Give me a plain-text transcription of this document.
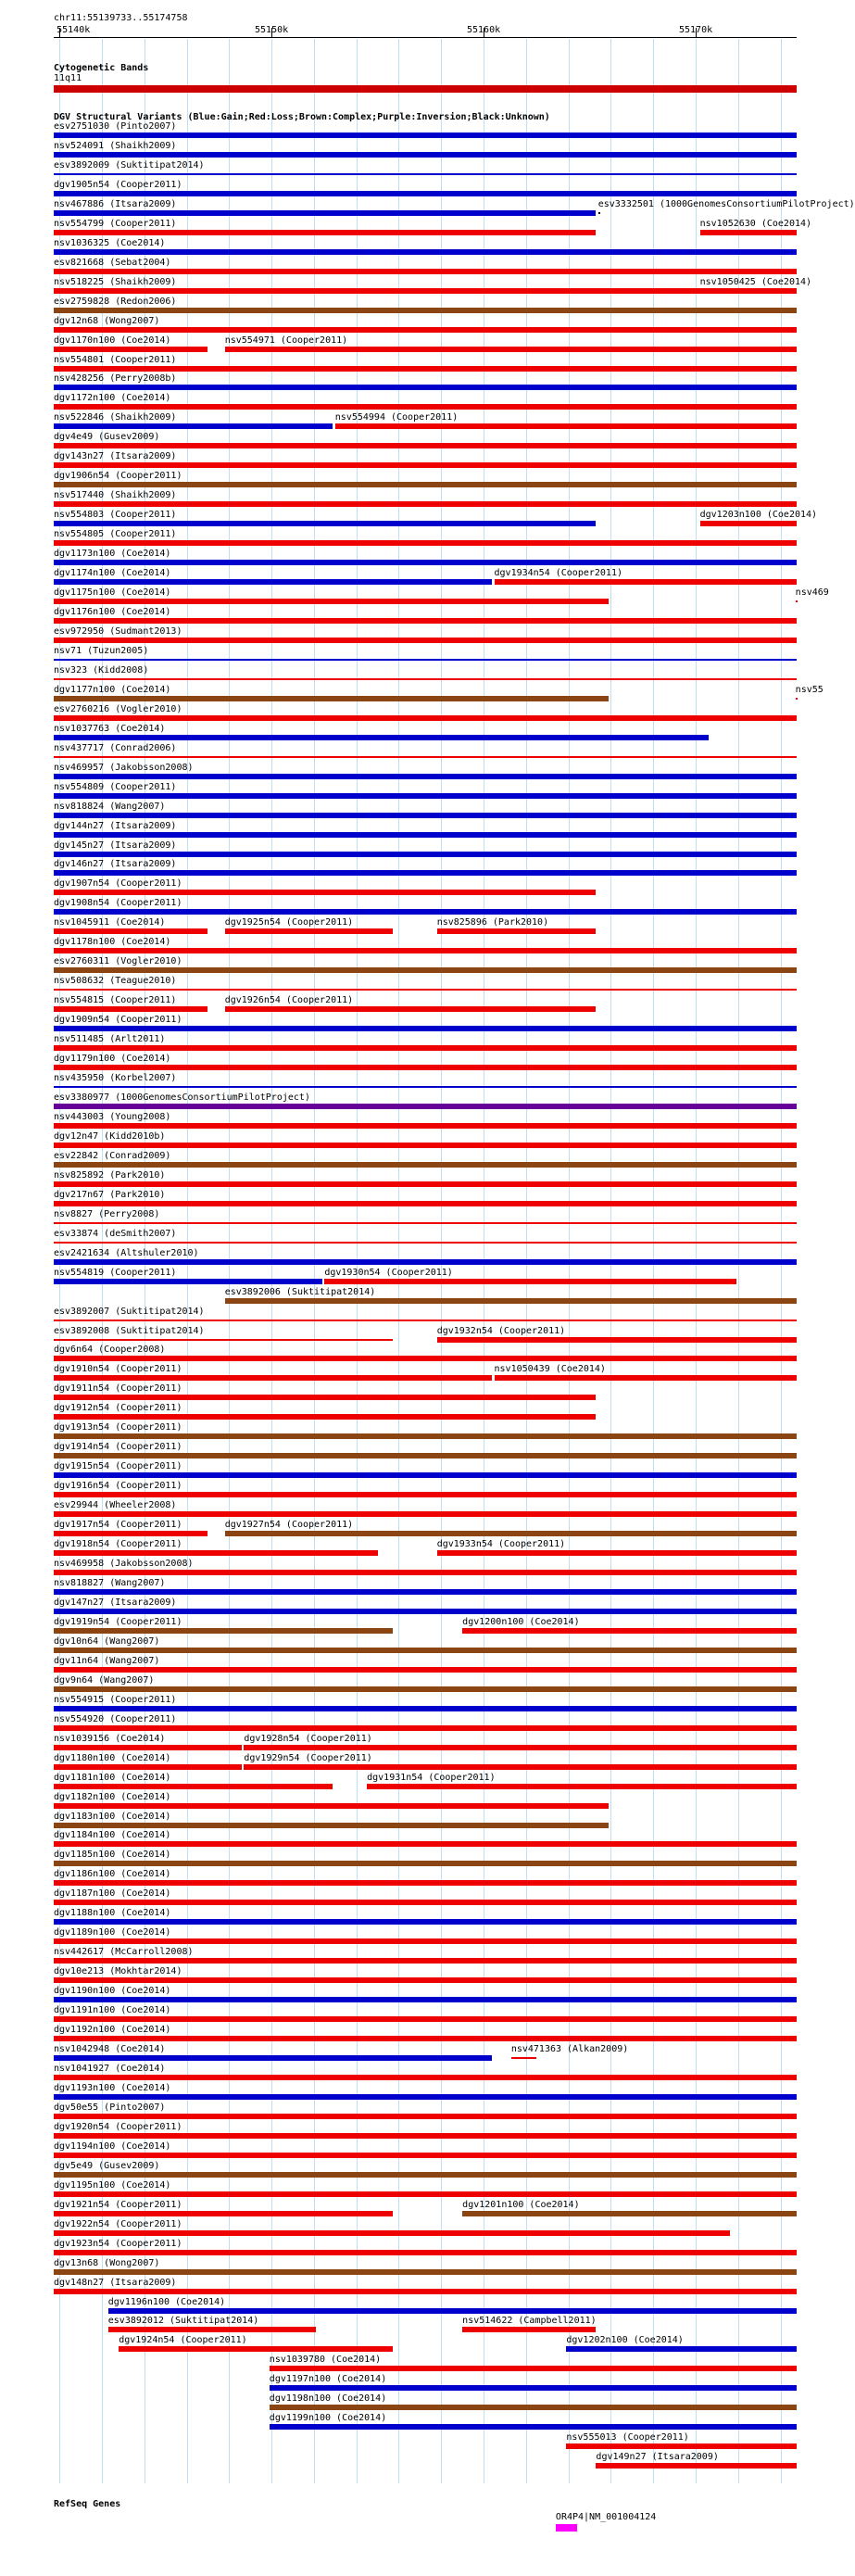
chr11:55139733..55174758
55140k	55150k	55160k	55170k
Cytogenetic Bands
11q11
DGV Structural Variants (Blue:Gain;Red:Loss;Brown:Complex;Purple:Inversion;Black:Unknown)
esv2751030 (Pinto2007)
nsv524091 (Shaikh2009)
esv3892009 (Suktitipat2014)
dgv1905n54 (Cooper2011)
nsv467886 (Itsara2009)	esv3332501 (1000GenomesConsortiumPilotProject)
nsv554799 (Cooper2011)	nsv1052630 (Coe2014)
nsv1036325 (Coe2014)
esv821668 (Sebat2004)
nsv518225 (Shaikh2009)	nsv1050425 (Coe2014)
esv2759828 (Redon2006)
dgv12n68 (Wong2007)
dgv1170n100 (Coe2014)	nsv554971 (Cooper2011)
nsv554801 (Cooper2011)
nsv428256 (Perry2008b)
dgv1172n100 (Coe2014)
nsv522846 (Shaikh2009)	nsv554994 (Cooper2011)
dgv4e49 (Gusev2009)
dgv143n27 (Itsara2009)
dgv1906n54 (Cooper2011)
nsv517440 (Shaikh2009)
nsv554803 (Cooper2011)	dgv1203n100 (Coe2014)
nsv554805 (Cooper2011)
dgv1173n100 (Coe2014)
dgv1174n100 (Coe2014)	dgv1934n54 (Cooper2011)
dgv1175n100 (Coe2014)	nsv469
dgv1176n100 (Coe2014)
esv972950 (Sudmant2013)
nsv71 (Tuzun2005)
nsv323 (Kidd2008)
dgv1177n100 (Coe2014)	nsv55
esv2760216 (Vogler2010)
nsv1037763 (Coe2014)
nsv437717 (Conrad2006)
nsv469957 (Jakobsson2008)
nsv554809 (Cooper2011)
nsv818824 (Wang2007)
dgv144n27 (Itsara2009)
dgv145n27 (Itsara2009)
dgv146n27 (Itsara2009)
dgv1907n54 (Cooper2011)
dgv1908n54 (Cooper2011)
nsv1045911 (Coe2014)	dgv1925n54 (Cooper2011)	nsv825896 (Park2010)
dgv1178n100 (Coe2014)
esv2760311 (Vogler2010)
nsv508632 (Teague2010)
nsv554815 (Cooper2011)	dgv1926n54 (Cooper2011)
dgv1909n54 (Cooper2011)
nsv511485 (Arlt2011)
dgv1179n100 (Coe2014)
nsv435950 (Korbel2007)
esv3380977 (1000GenomesConsortiumPilotProject)
nsv443003 (Young2008)
dgv12n47 (Kidd2010b)
esv22842 (Conrad2009)
nsv825892 (Park2010)
dgv217n67 (Park2010)
nsv8827 (Perry2008)
esv33874 (deSmith2007)
esv2421634 (Altshuler2010)
nsv554819 (Cooper2011)	dgv1930n54 (Cooper2011)
esv3892006 (Suktitipat2014)
esv3892007 (Suktitipat2014)
esv3892008 (Suktitipat2014)	dgv1932n54 (Cooper2011)
dgv6n64 (Cooper2008)
dgv1910n54 (Cooper2011)	nsv1050439 (Coe2014)
dgv1911n54 (Cooper2011)
dgv1912n54 (Cooper2011)
dgv1913n54 (Cooper2011)
dgv1914n54 (Cooper2011)
dgv1915n54 (Cooper2011)
dgv1916n54 (Cooper2011)
esv29944 (Wheeler2008)
dgv1917n54 (Cooper2011)	dgv1927n54 (Cooper2011)
dgv1918n54 (Cooper2011)	dgv1933n54 (Cooper2011)
nsv469958 (Jakobsson2008)
nsv818827 (Wang2007)
dgv147n27 (Itsara2009)
dgv1919n54 (Cooper2011)	dgv1200n100 (Coe2014)
dgv10n64 (Wang2007)
dgv11n64 (Wang2007)
dgv9n64 (Wang2007)
nsv554915 (Cooper2011)
nsv554920 (Cooper2011)
nsv1039156 (Coe2014)	dgv1928n54 (Cooper2011)
dgv1180n100 (Coe2014)	dgv1929n54 (Cooper2011)
dgv1181n100 (Coe2014)	dgv1931n54 (Cooper2011)
dgv1182n100 (Coe2014)
dgv1183n100 (Coe2014)
dgv1184n100 (Coe2014)
dgv1185n100 (Coe2014)
dgv1186n100 (Coe2014)
dgv1187n100 (Coe2014)
dgv1188n100 (Coe2014)
dgv1189n100 (Coe2014)
nsv442617 (McCarroll2008)
dgv10e213 (Mokhtar2014)
dgv1190n100 (Coe2014)
dgv1191n100 (Coe2014)
dgv1192n100 (Coe2014)
nsv1042948 (Coe2014)	nsv471363 (Alkan2009)
nsv1041927 (Coe2014)
dgv1193n100 (Coe2014)
dgv50e55 (Pinto2007)
dgv1920n54 (Cooper2011)
dgv1194n100 (Coe2014)
dgv5e49 (Gusev2009)
dgv1195n100 (Coe2014)
dgv1921n54 (Cooper2011)	dgv1201n100 (Coe2014)
dgv1922n54 (Cooper2011)
dgv1923n54 (Cooper2011)
dgv13n68 (Wong2007)
dgv148n27 (Itsara2009)
dgv1196n100 (Coe2014)
esv3892012 (Suktitipat2014)	nsv514622 (Campbell2011)
dgv1924n54 (Cooper2011)	dgv1202n100 (Coe2014)
nsv1039780 (Coe2014)
dgv1197n100 (Coe2014)
dgv1198n100 (Coe2014)
dgv1199n100 (Coe2014)
nsv555013 (Cooper2011)
dgv149n27 (Itsara2009)
RefSeq Genes
OR4P4|NM_001004124
